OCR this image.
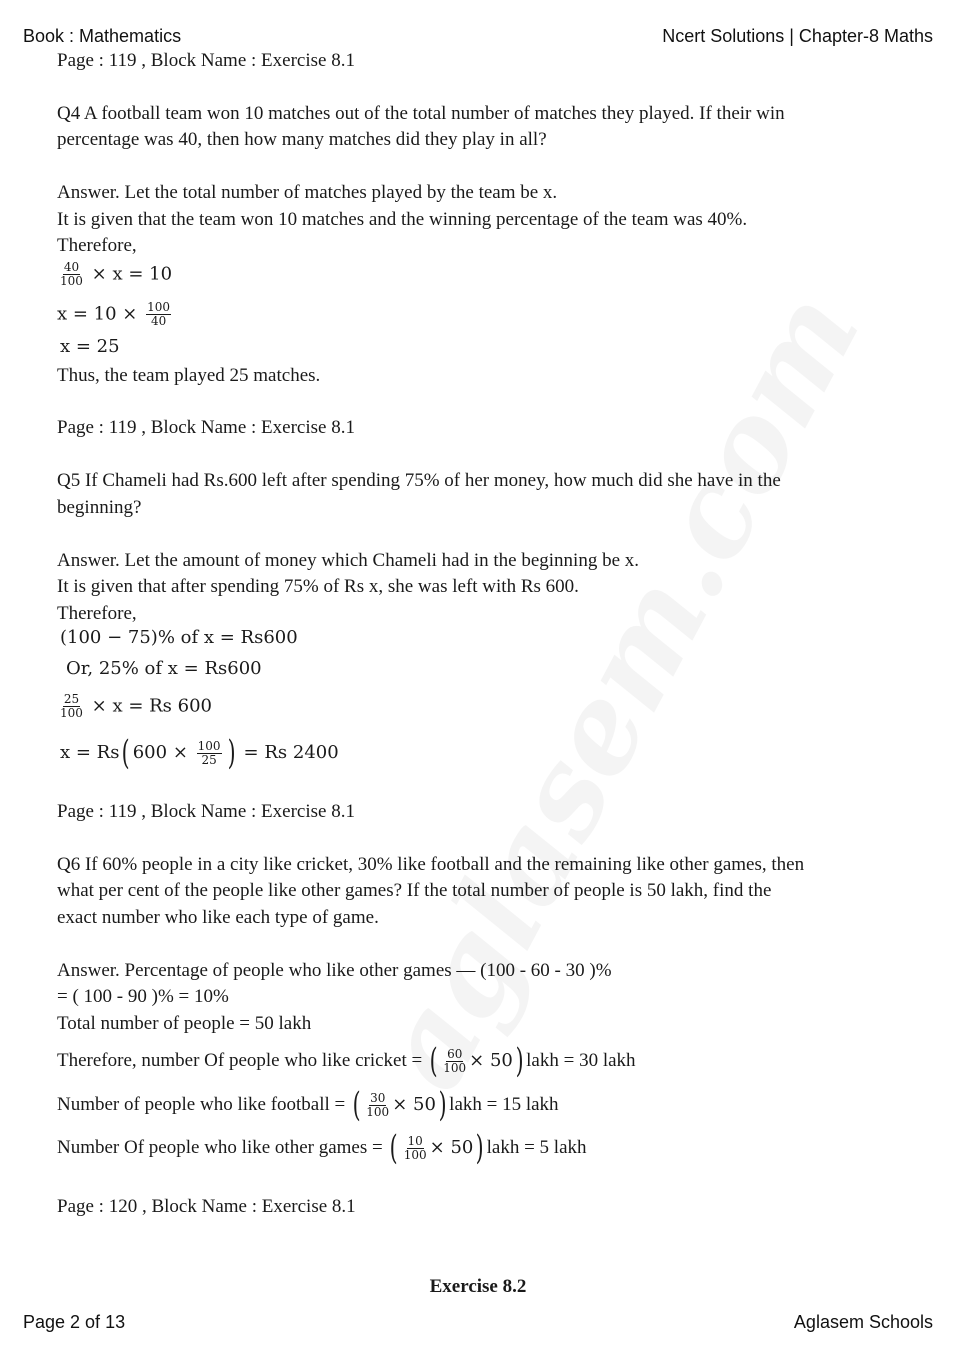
Book : Mathematics	Ncert Solutions | Chapter-8 Maths
Page : 119 , Block Name : Exercise 8.1
Q4 A football team won 10 matches out of the total number of matches they played. If their win
percentage was 40, then how many matches did they play in all?
Answer. Let the total number of matches played by the team be x.
It is given that the team won 10 matches and the winning percentage of the team was 40%.
Therefore,
$\frac{40}{100} \times x = 10$
$x = 10 \times \frac{100}{40}$
x = 25
Thus, the team played 25 matches.
Page : 119 , Block Name : Exercise 8.1
Q5 If Chameli had Rs.600 left after spending 75% of her money, how much did she have in the
beginning?
Answer. Let the amount of money which Chameli had in the beginning be x.
It is given that after spending 75% of Rs x, she was left with Rs 600.
Therefore,
(100 − 75)% of x = Rs600
Or, 25% of x = Rs600
$\frac{25}{100} \times x = Rs$ 600
x = Rs( $600 \times \frac{100}{25}$ ) = Rs 2400
Page : 119 , Block Name : Exercise 8.1
Q6 If 60% people in a city like cricket, 30% like football and the remaining like other games, then
what per cent of the people like other games? If the total number of people is 50 lakh, find the
exact number who like each type of game.
Answer. Percentage of people who like other games — (100 - 60 - 30 )%
= ( 100 - 90 )% = 10%
Total number of people = 50 lakh
Therefore, number Of people who like cricket = ( $\frac{60}{100} \times 50$) lakh = 30 lakh
Number of people who like football = ( $\frac{30}{100} \times 50$) lakh = 15 lakh
Number Of people who like other games = ( $\frac{10}{100} \times 50$) lakh = 5 lakh
Page : 120 , Block Name : Exercise 8.1
Exercise 8.2
Page 2 of 13	Aglasem Schools
